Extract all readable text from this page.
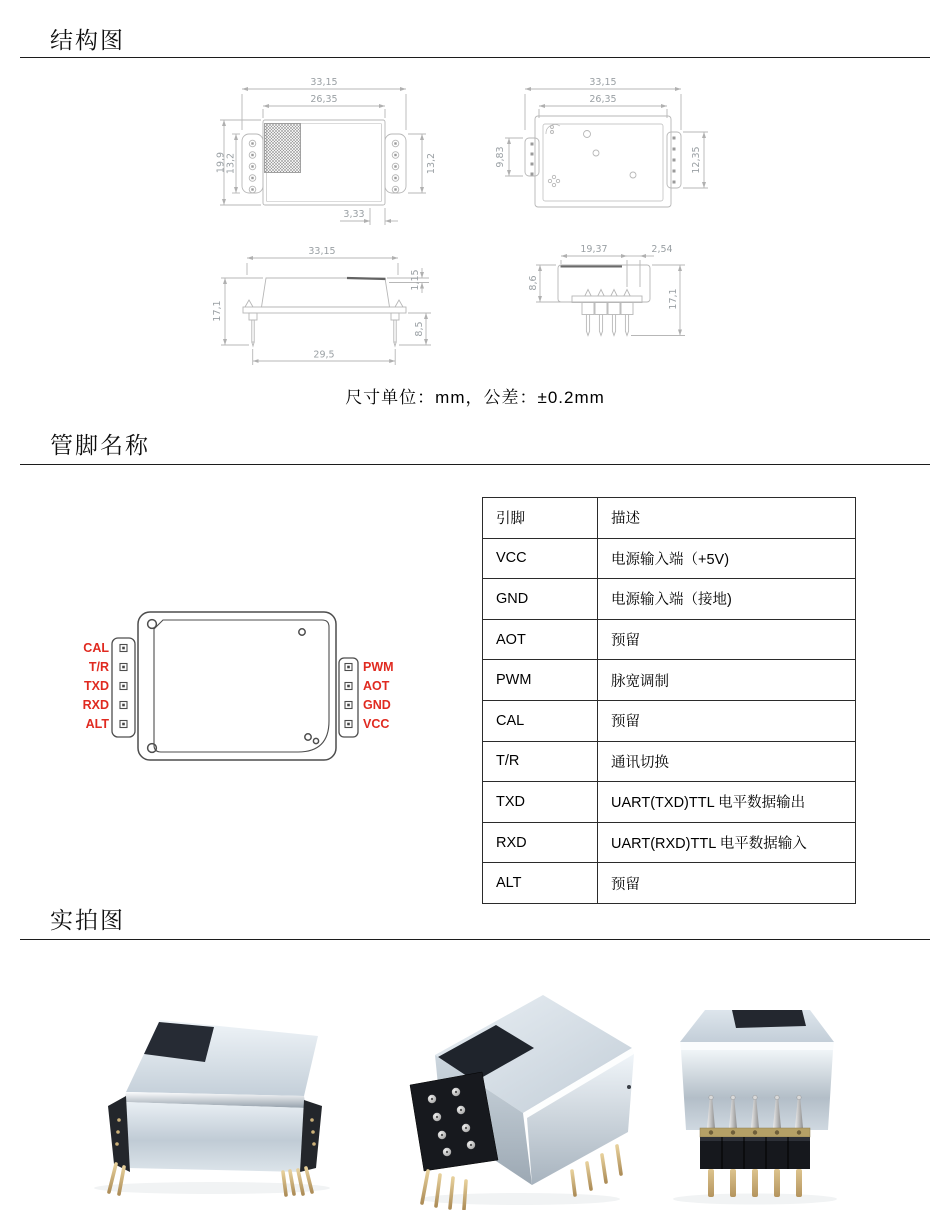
结构图
33,15
26,35
19,9 13,2	13,2
3,33
33,15
26,35
9,83	12,35
33,15
17,1
1,15
8,5
29,5
19,37	2,54
8,6
17,1
尺寸单位：mm，公差：±0.2mm
管脚名称
CAL
T/R
TXD
RXD
ALT
PWM
AOT
GND
VCC
引脚	描述
VCC	电源输入端（+5V)
GND	电源输入端（接地)
AOT	预留
PWM	脉宽调制
CAL	预留
T/R	通讯切换
TXD	UART(TXD)TTL 电平数据输出
RXD	UART(RXD)TTL 电平数据输入
ALT	预留
实拍图
